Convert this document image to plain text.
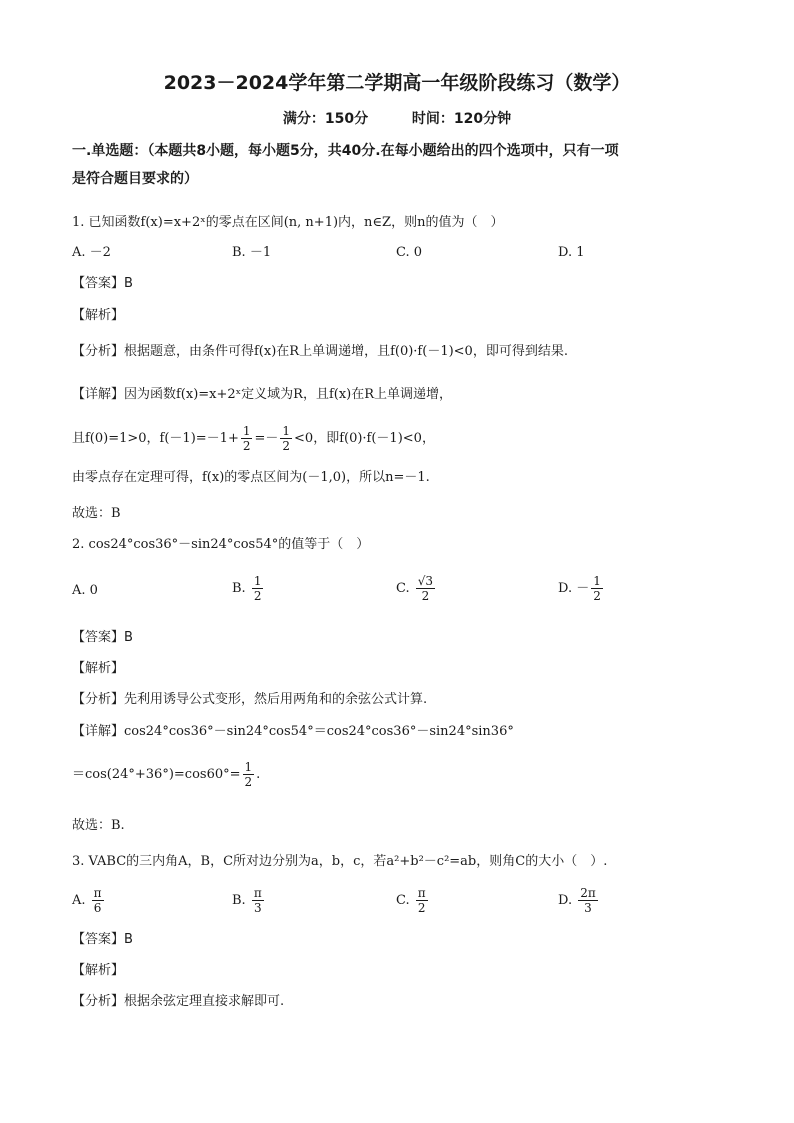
2023－2024学年第二学期高一年级阶段练习（数学）
满分：150分	时间：120分钟
一.单选题：（本题共8小题，每小题5分，共40分.在每小题给出的四个选项中，只有一项
是符合题目要求的）
1. 已知函数f(x)=x+2ˣ的零点在区间(n, n+1)内，n∈Z，则n的值为（　）
A. －2	B. －1	C. 0	D. 1
【答案】B
【解析】
【分析】根据题意，由条件可得f(x)在R上单调递增，且f(0)·f(－1)<0，即可得到结果.
【详解】因为函数f(x)=x+2ˣ定义域为R，且f(x)在R上单调递增，
且f(0)=1>0，$f(-1)=-1+ \frac{1}{2} =- \frac{1}{2} <0$，即f(0)·f(－1)<0，
由零点存在定理可得，f(x)的零点区间为(－1,0)，所以n=－1.
故选：B
2. cos24°cos36°－sin24°cos54°的值等于（　）
A. 0	B. $\frac{1}{2}$	C. $\frac{√3}{2}$	D. － $\frac{1}{2}$
【答案】B
【解析】
【分析】先利用诱导公式变形，然后用两角和的余弦公式计算.
【详解】cos24°cos36°－sin24°cos54°＝cos24°cos36°－sin24°sin36°
$=\cos(24^\circ+36^\circ)=\cos 60^\circ= \frac{1}{2}$ .
故选：B.
3. VABC的三内角A，B，C所对边分别为a，b，c，若a²+b²－c²=ab，则角C的大小（　）.
A. $\frac{\pi}{6}$	B. $\frac{\pi}{3}$	C. $\frac{\pi}{2}$	D. $\frac{2\pi}{3}$
【答案】B
【解析】
【分析】根据余弦定理直接求解即可.
